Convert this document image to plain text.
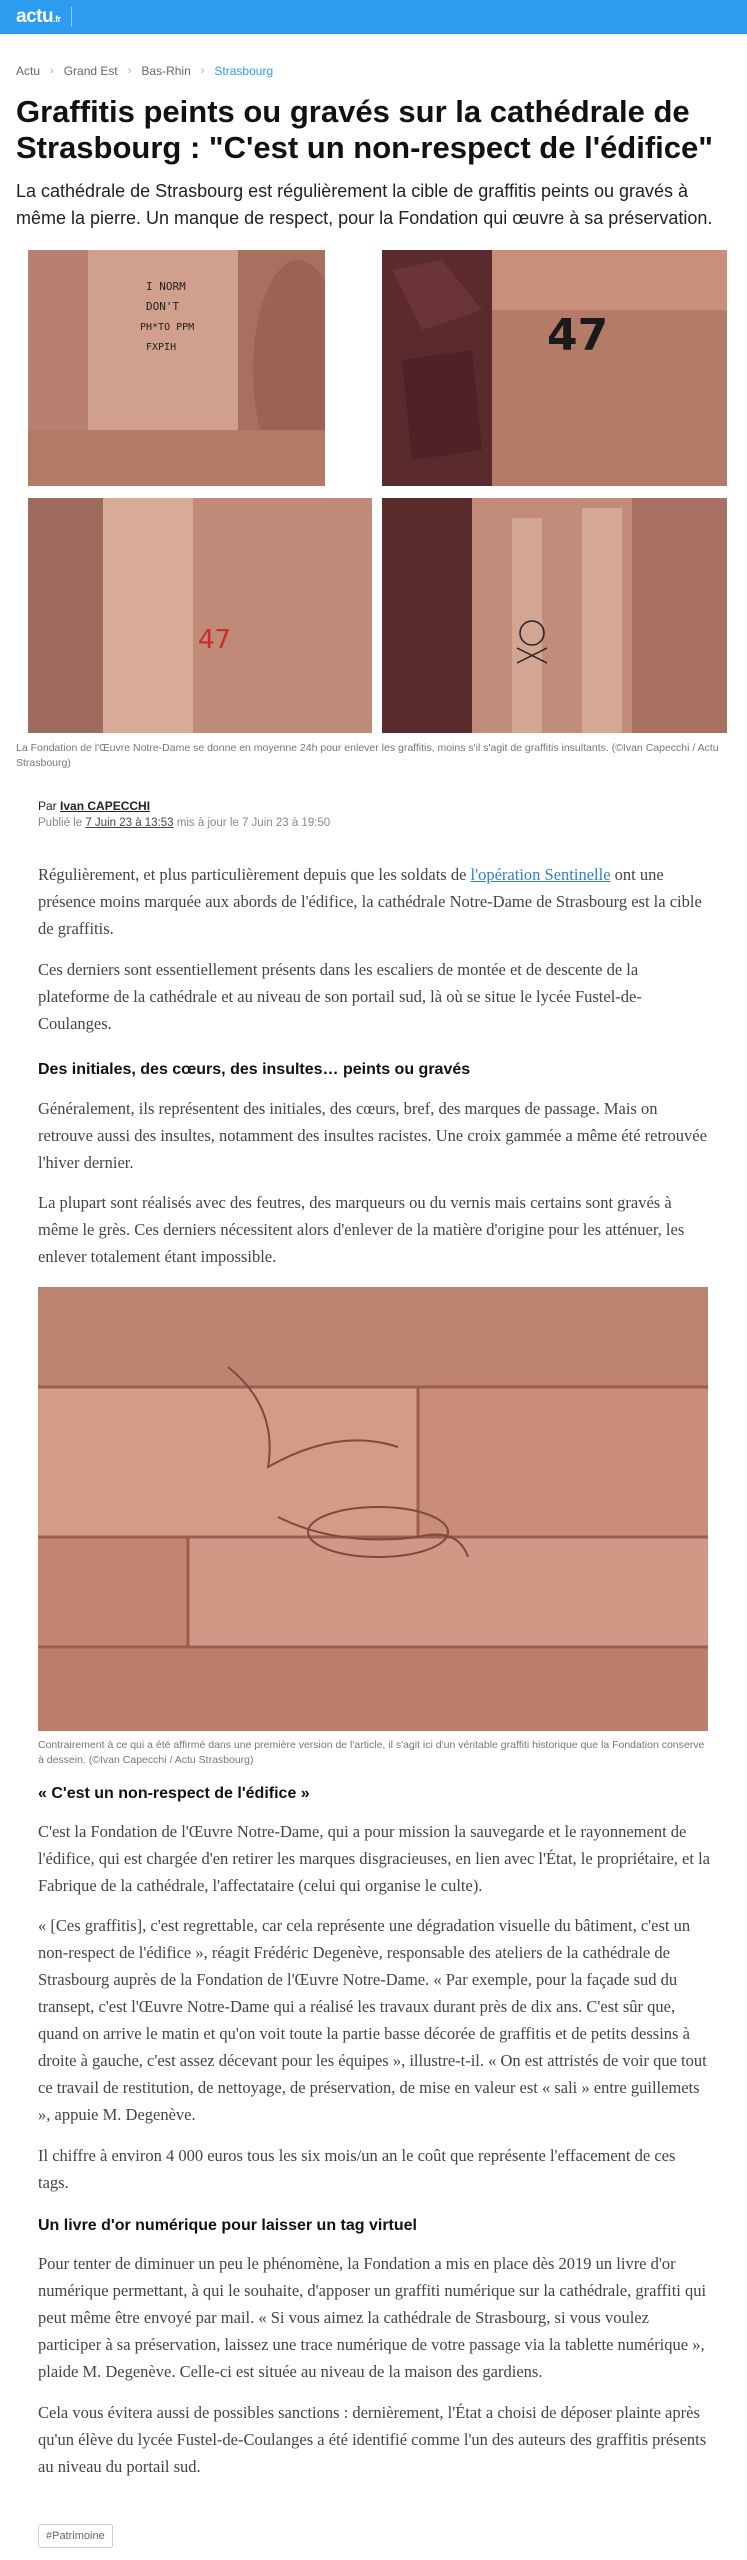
actu.fr
Actu › Grand Est › Bas-Rhin › Strasbourg
Graffitis peints ou gravés sur la cathédrale de Strasbourg : "C'est un non-respect de l'édifice"

La cathédrale de Strasbourg est régulièrement la cible de graffitis peints ou gravés à même la pierre. Un manque de respect, pour la Fondation qui œuvre à sa préservation.

I NORM
DON'T
PH*TO PPM
FXPIH	47
47

La Fondation de l'Œuvre Notre-Dame se donne en moyenne 24h pour enlever les graffitis, moins s'il s'agit de graffitis insultants. (©Ivan Capecchi / Actu Strasbourg)

Par Ivan CAPECCHI
Publié le 7 Juin 23 à 13:53 mis à jour le 7 Juin 23 à 19:50

Régulièrement, et plus particulièrement depuis que les soldats de l'opération Sentinelle ont une présence moins marquée aux abords de l'édifice, la cathédrale Notre-Dame de Strasbourg est la cible de graffitis.

Ces derniers sont essentiellement présents dans les escaliers de montée et de descente de la plateforme de la cathédrale et au niveau de son portail sud, là où se situe le lycée Fustel-de-Coulanges.

Des initiales, des cœurs, des insultes… peints ou gravés

Généralement, ils représentent des initiales, des cœurs, bref, des marques de passage. Mais on retrouve aussi des insultes, notamment des insultes racistes. Une croix gammée a même été retrouvée l'hiver dernier.

La plupart sont réalisés avec des feutres, des marqueurs ou du vernis mais certains sont gravés à même le grès. Ces derniers nécessitent alors d'enlever de la matière d'origine pour les atténuer, les enlever totalement étant impossible.

Contrairement à ce qui a été affirmé dans une première version de l'article, il s'agit ici d'un véritable graffiti historique que la Fondation conserve à dessein. (©Ivan Capecchi / Actu Strasbourg)

« C'est un non-respect de l'édifice »

C'est la Fondation de l'Œuvre Notre-Dame, qui a pour mission la sauvegarde et le rayonnement de l'édifice, qui est chargée d'en retirer les marques disgracieuses, en lien avec l'État, le propriétaire, et la Fabrique de la cathédrale, l'affectataire (celui qui organise le culte).

« [Ces graffitis], c'est regrettable, car cela représente une dégradation visuelle du bâtiment, c'est un non-respect de l'édifice », réagit Frédéric Degenève, responsable des ateliers de la cathédrale de Strasbourg auprès de la Fondation de l'Œuvre Notre-Dame. « Par exemple, pour la façade sud du transept, c'est l'Œuvre Notre-Dame qui a réalisé les travaux durant près de dix ans. C'est sûr que, quand on arrive le matin et qu'on voit toute la partie basse décorée de graffitis et de petits dessins à droite à gauche, c'est assez décevant pour les équipes », illustre-t-il. « On est attristés de voir que tout ce travail de restitution, de nettoyage, de préservation, de mise en valeur est « sali » entre guillemets », appuie M. Degenève.

Il chiffre à environ 4 000 euros tous les six mois/un an le coût que représente l'effacement de ces tags.

Un livre d'or numérique pour laisser un tag virtuel

Pour tenter de diminuer un peu le phénomène, la Fondation a mis en place dès 2019 un livre d'or numérique permettant, à qui le souhaite, d'apposer un graffiti numérique sur la cathédrale, graffiti qui peut même être envoyé par mail. « Si vous aimez la cathédrale de Strasbourg, si vous voulez participer à sa préservation, laissez une trace numérique de votre passage via la tablette numérique », plaide M. Degenève. Celle-ci est située au niveau de la maison des gardiens.

Cela vous évitera aussi de possibles sanctions : dernièrement, l'État a choisi de déposer plainte après qu'un élève du lycée Fustel-de-Coulanges a été identifié comme l'un des auteurs des graffitis présents au niveau du portail sud.

#Patrimoine
